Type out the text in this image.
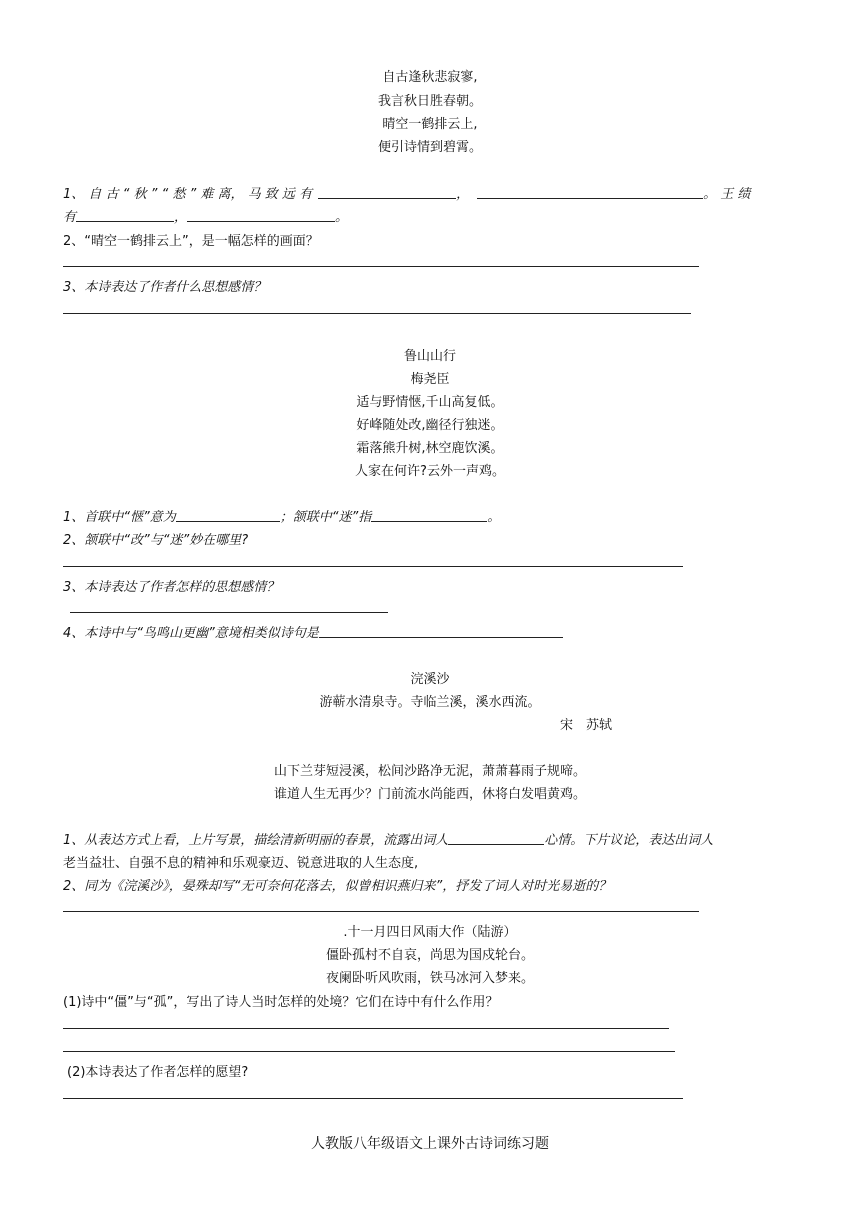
自古逢秋悲寂寥,
我言秋日胜春朝。
晴空一鹤排云上,
便引诗情到碧霄。
1、 自 古 “ 秋 ” “ 愁 ” 难 离， 马 致 远 有	，	。 王 绩
有	，	。
2、“晴空一鹤排云上”，是一幅怎样的画面？
3、本诗表达了作者什么思想感情？
鲁山山行
梅尧臣
适与野情惬,千山高复低。
好峰随处改,幽径行独迷。
霜落熊升树,林空鹿饮溪。
人家在何许?云外一声鸡。
1、首联中“惬”意为	；颔联中“迷”指	。
2、颔联中“改”与“迷”妙在哪里?
3、本诗表达了作者怎样的思想感情？
4、本诗中与“鸟鸣山更幽”意境相类似诗句是
浣溪沙
游蕲水清泉寺。寺临兰溪，溪水西流。
宋　苏轼
山下兰芽短浸溪，松间沙路净无泥，萧萧暮雨子规啼。
谁道人生无再少？门前流水尚能西，休将白发唱黄鸡。
1、从表达方式上看，上片写景，描绘清新明丽的春景，流露出词人	心情。下片议论，表达出词人
老当益壮、自强不息的精神和乐观豪迈、锐意进取的人生态度,
2、同为《浣溪沙》，晏殊却写“无可奈何花落去，似曾相识燕归来”，抒发了词人对时光易逝的？
.十一月四日风雨大作（陆游）
僵卧孤村不自哀，尚思为国戍轮台。
夜阑卧听风吹雨，铁马冰河入梦来。
(1)诗中“僵”与“孤”，写出了诗人当时怎样的处境？它们在诗中有什么作用？
(2)本诗表达了作者怎样的愿望?
人教版八年级语文上课外古诗词练习题
